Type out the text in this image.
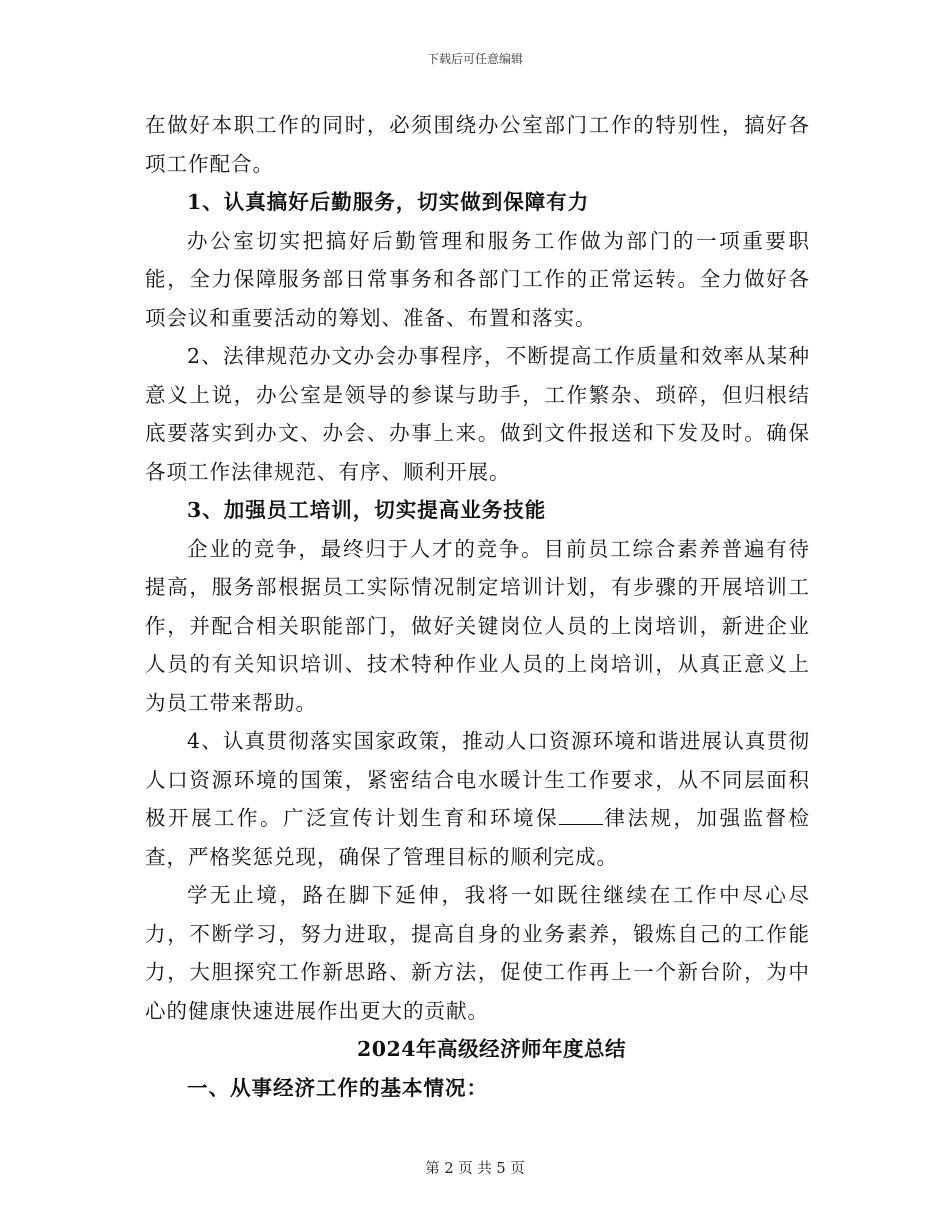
下载后可任意编辑

在做好本职工作的同时，必须围绕办公室部门工作的特别性，搞好各项工作配合。

1、认真搞好后勤服务，切实做到保障有力

办公室切实把搞好后勤管理和服务工作做为部门的一项重要职能，全力保障服务部日常事务和各部门工作的正常运转。全力做好各项会议和重要活动的筹划、准备、布置和落实。

2、法律规范办文办会办事程序，不断提高工作质量和效率从某种意义上说，办公室是领导的参谋与助手，工作繁杂、琐碎，但归根结底要落实到办文、办会、办事上来。做到文件报送和下发及时。确保各项工作法律规范、有序、顺利开展。

3、加强员工培训，切实提高业务技能

企业的竞争，最终归于人才的竞争。目前员工综合素养普遍有待提高，服务部根据员工实际情况制定培训计划，有步骤的开展培训工作，并配合相关职能部门，做好关键岗位人员的上岗培训，新进企业人员的有关知识培训、技术特种作业人员的上岗培训，从真正意义上为员工带来帮助。

4、认真贯彻落实国家政策，推动人口资源环境和谐进展认真贯彻人口资源环境的国策，紧密结合电水暖计生工作要求，从不同层面积极开展工作。广泛宣传计划生育和环境保 律法规，加强监督检查，严格奖惩兑现，确保了管理目标的顺利完成。

学无止境，路在脚下延伸，我将一如既往继续在工作中尽心尽力，不断学习，努力进取，提高自身的业务素养，锻炼自己的工作能力，大胆探究工作新思路、新方法，促使工作再上一个新台阶，为中心的健康快速进展作出更大的贡献。

2024年高级经济师年度总结

一、从事经济工作的基本情况：

第 2 页 共 5 页
